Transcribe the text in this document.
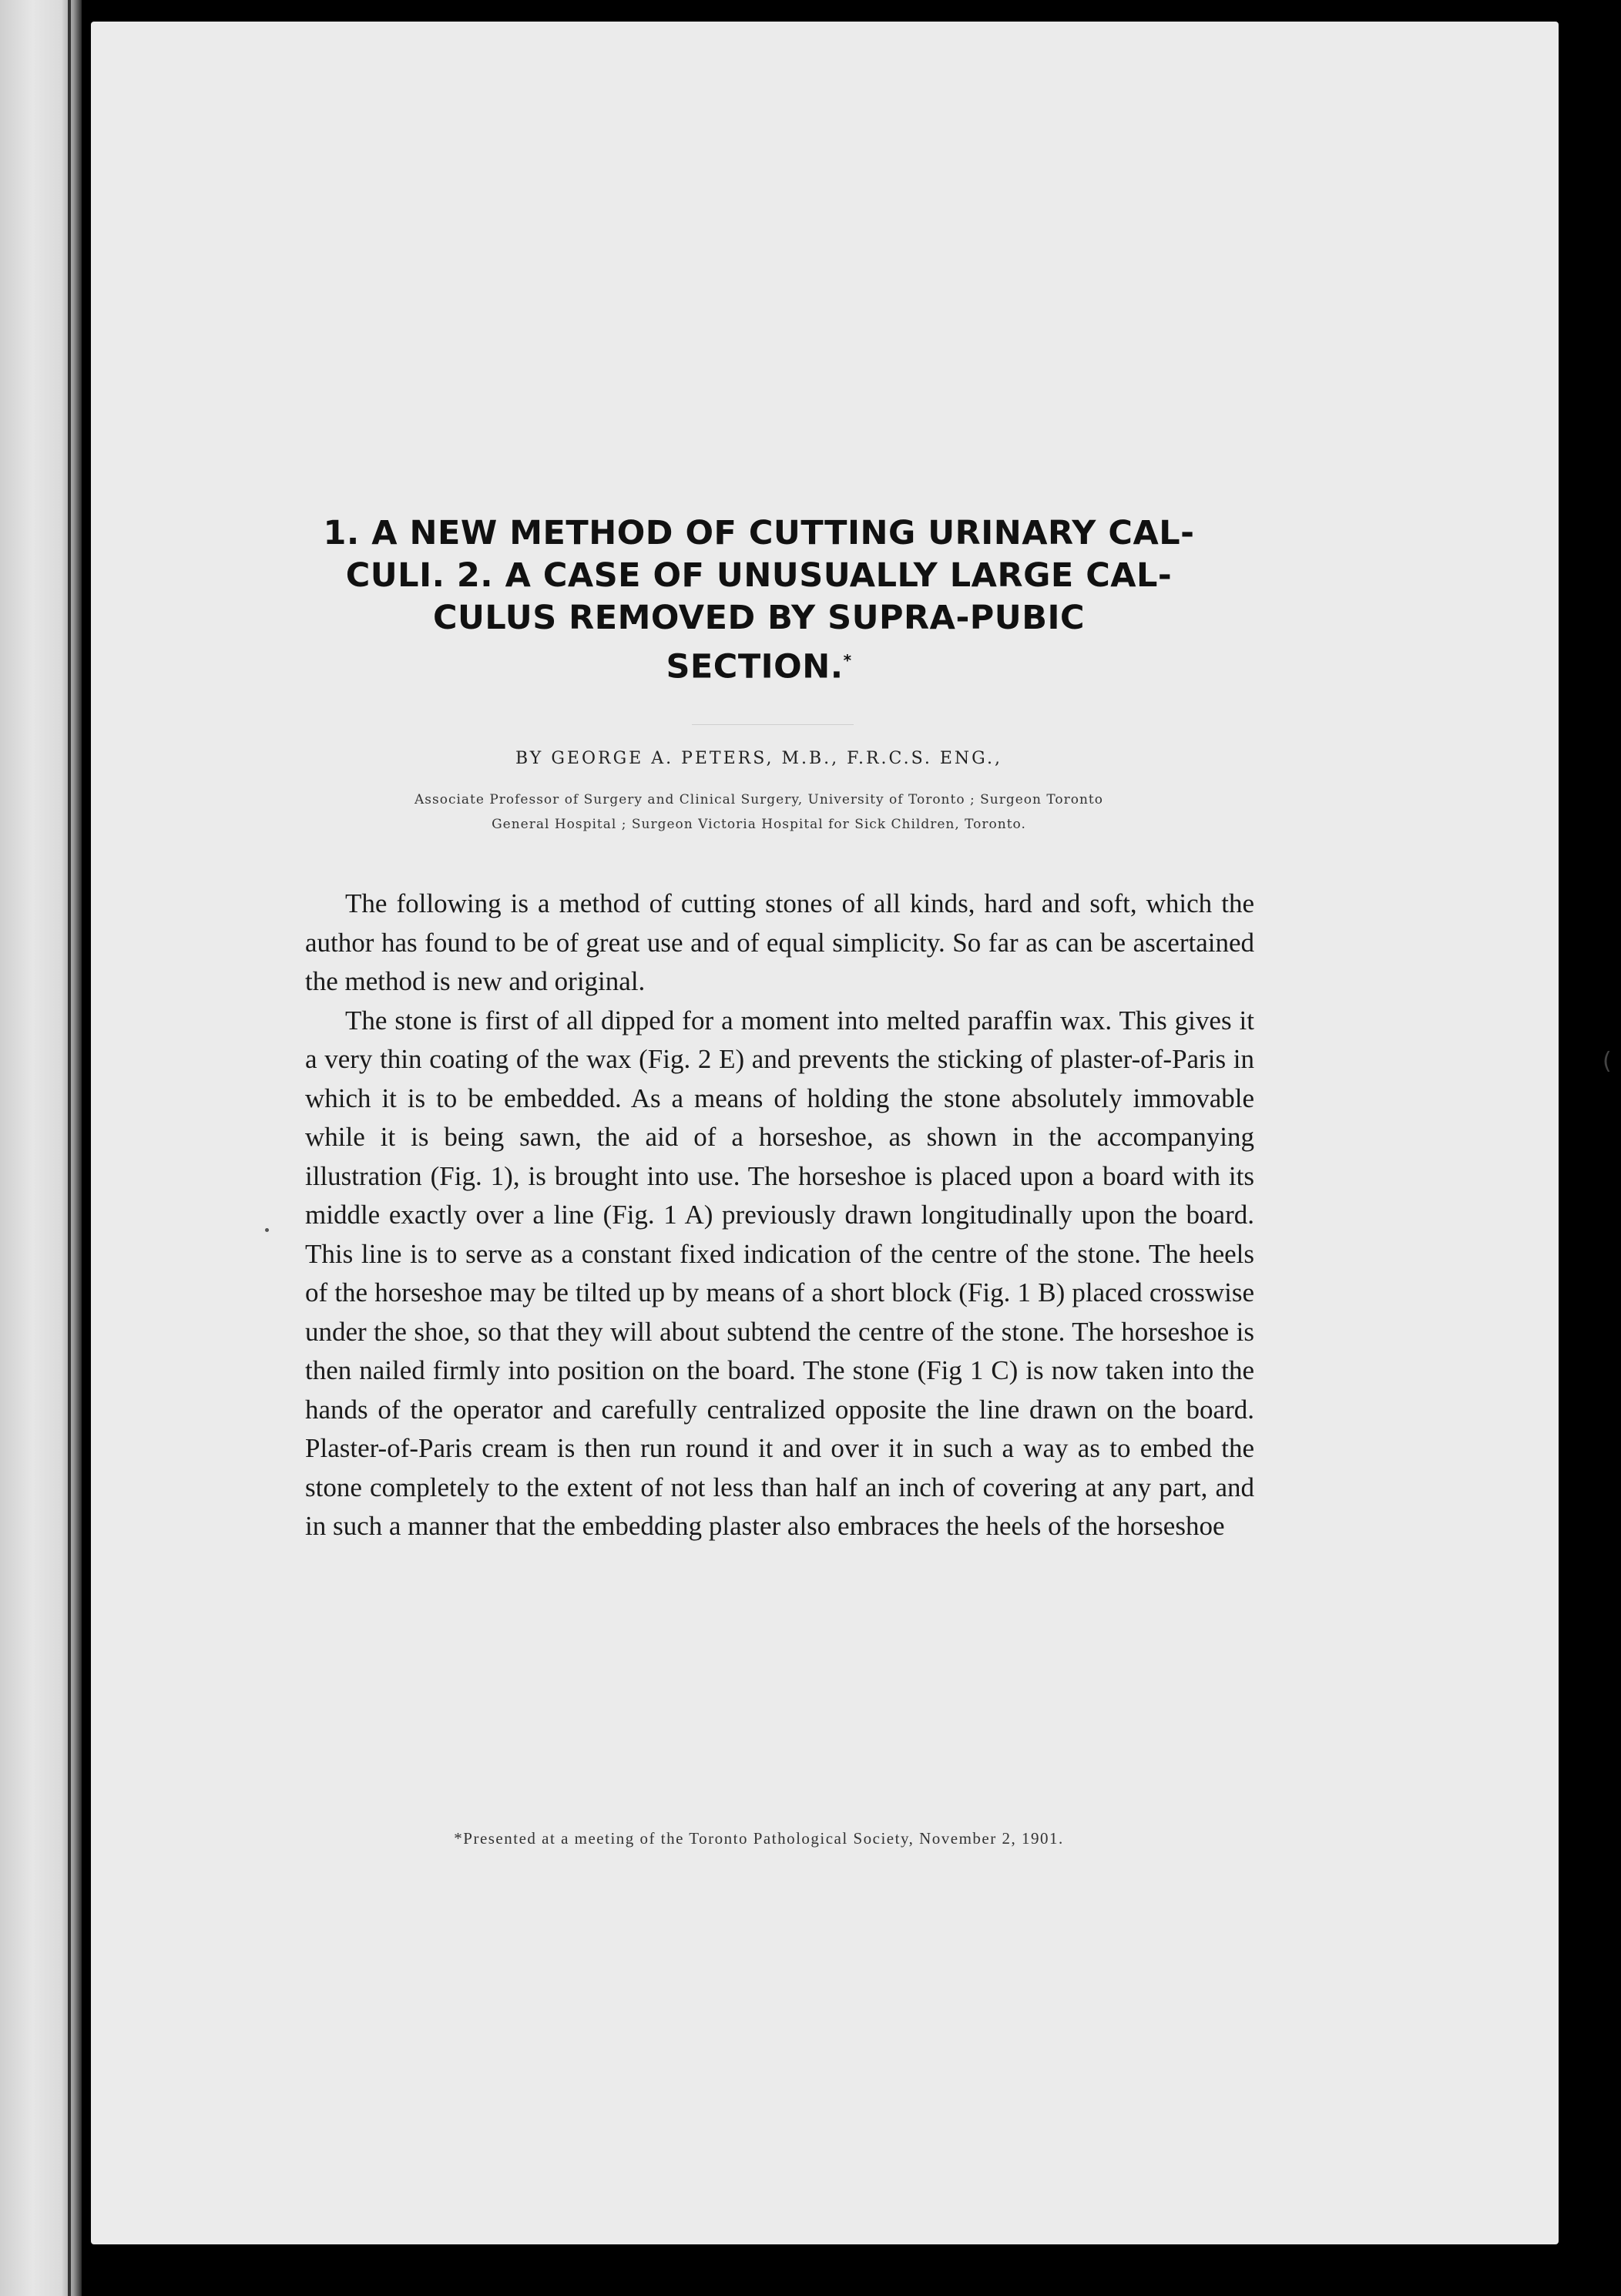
1. A NEW METHOD OF CUTTING URINARY CAL-
CULI. 2. A CASE OF UNUSUALLY LARGE CAL-
CULUS REMOVED BY SUPRA-PUBIC
SECTION.*
BY GEORGE A. PETERS, M.B., F.R.C.S. ENG.,
Associate Professor of Surgery and Clinical Surgery, University of Toronto ; Surgeon Toronto
General Hospital ; Surgeon Victoria Hospital for Sick Children, Toronto.

The following is a method of cutting stones of all kinds, hard and soft, which the author has found to be of great use and of equal simplicity. So far as can be ascertained the method is new and original.

The stone is first of all dipped for a moment into melted paraffin wax. This gives it a very thin coating of the wax (Fig. 2 E) and prevents the sticking of plaster-of-Paris in which it is to be embedded. As a means of holding the stone absolutely immovable while it is being sawn, the aid of a horseshoe, as shown in the accompanying illustration (Fig. 1), is brought into use. The horseshoe is placed upon a board with its middle exactly over a line (Fig. 1 A) previously drawn longitudinally upon the board. This line is to serve as a constant fixed indication of the centre of the stone. The heels of the horseshoe may be tilted up by means of a short block (Fig. 1 B) placed crosswise under the shoe, so that they will about subtend the centre of the stone. The horseshoe is then nailed firmly into position on the board. The stone (Fig 1 C) is now taken into the hands of the operator and carefully centralized opposite the line drawn on the board. Plaster-of-Paris cream is then run round it and over it in such a way as to embed the stone completely to the extent of not less than half an inch of covering at any part, and in such a manner that the embedding plaster also embraces the heels of the horseshoe

*Presented at a meeting of the Toronto Pathological Society, November 2, 1901.
(
